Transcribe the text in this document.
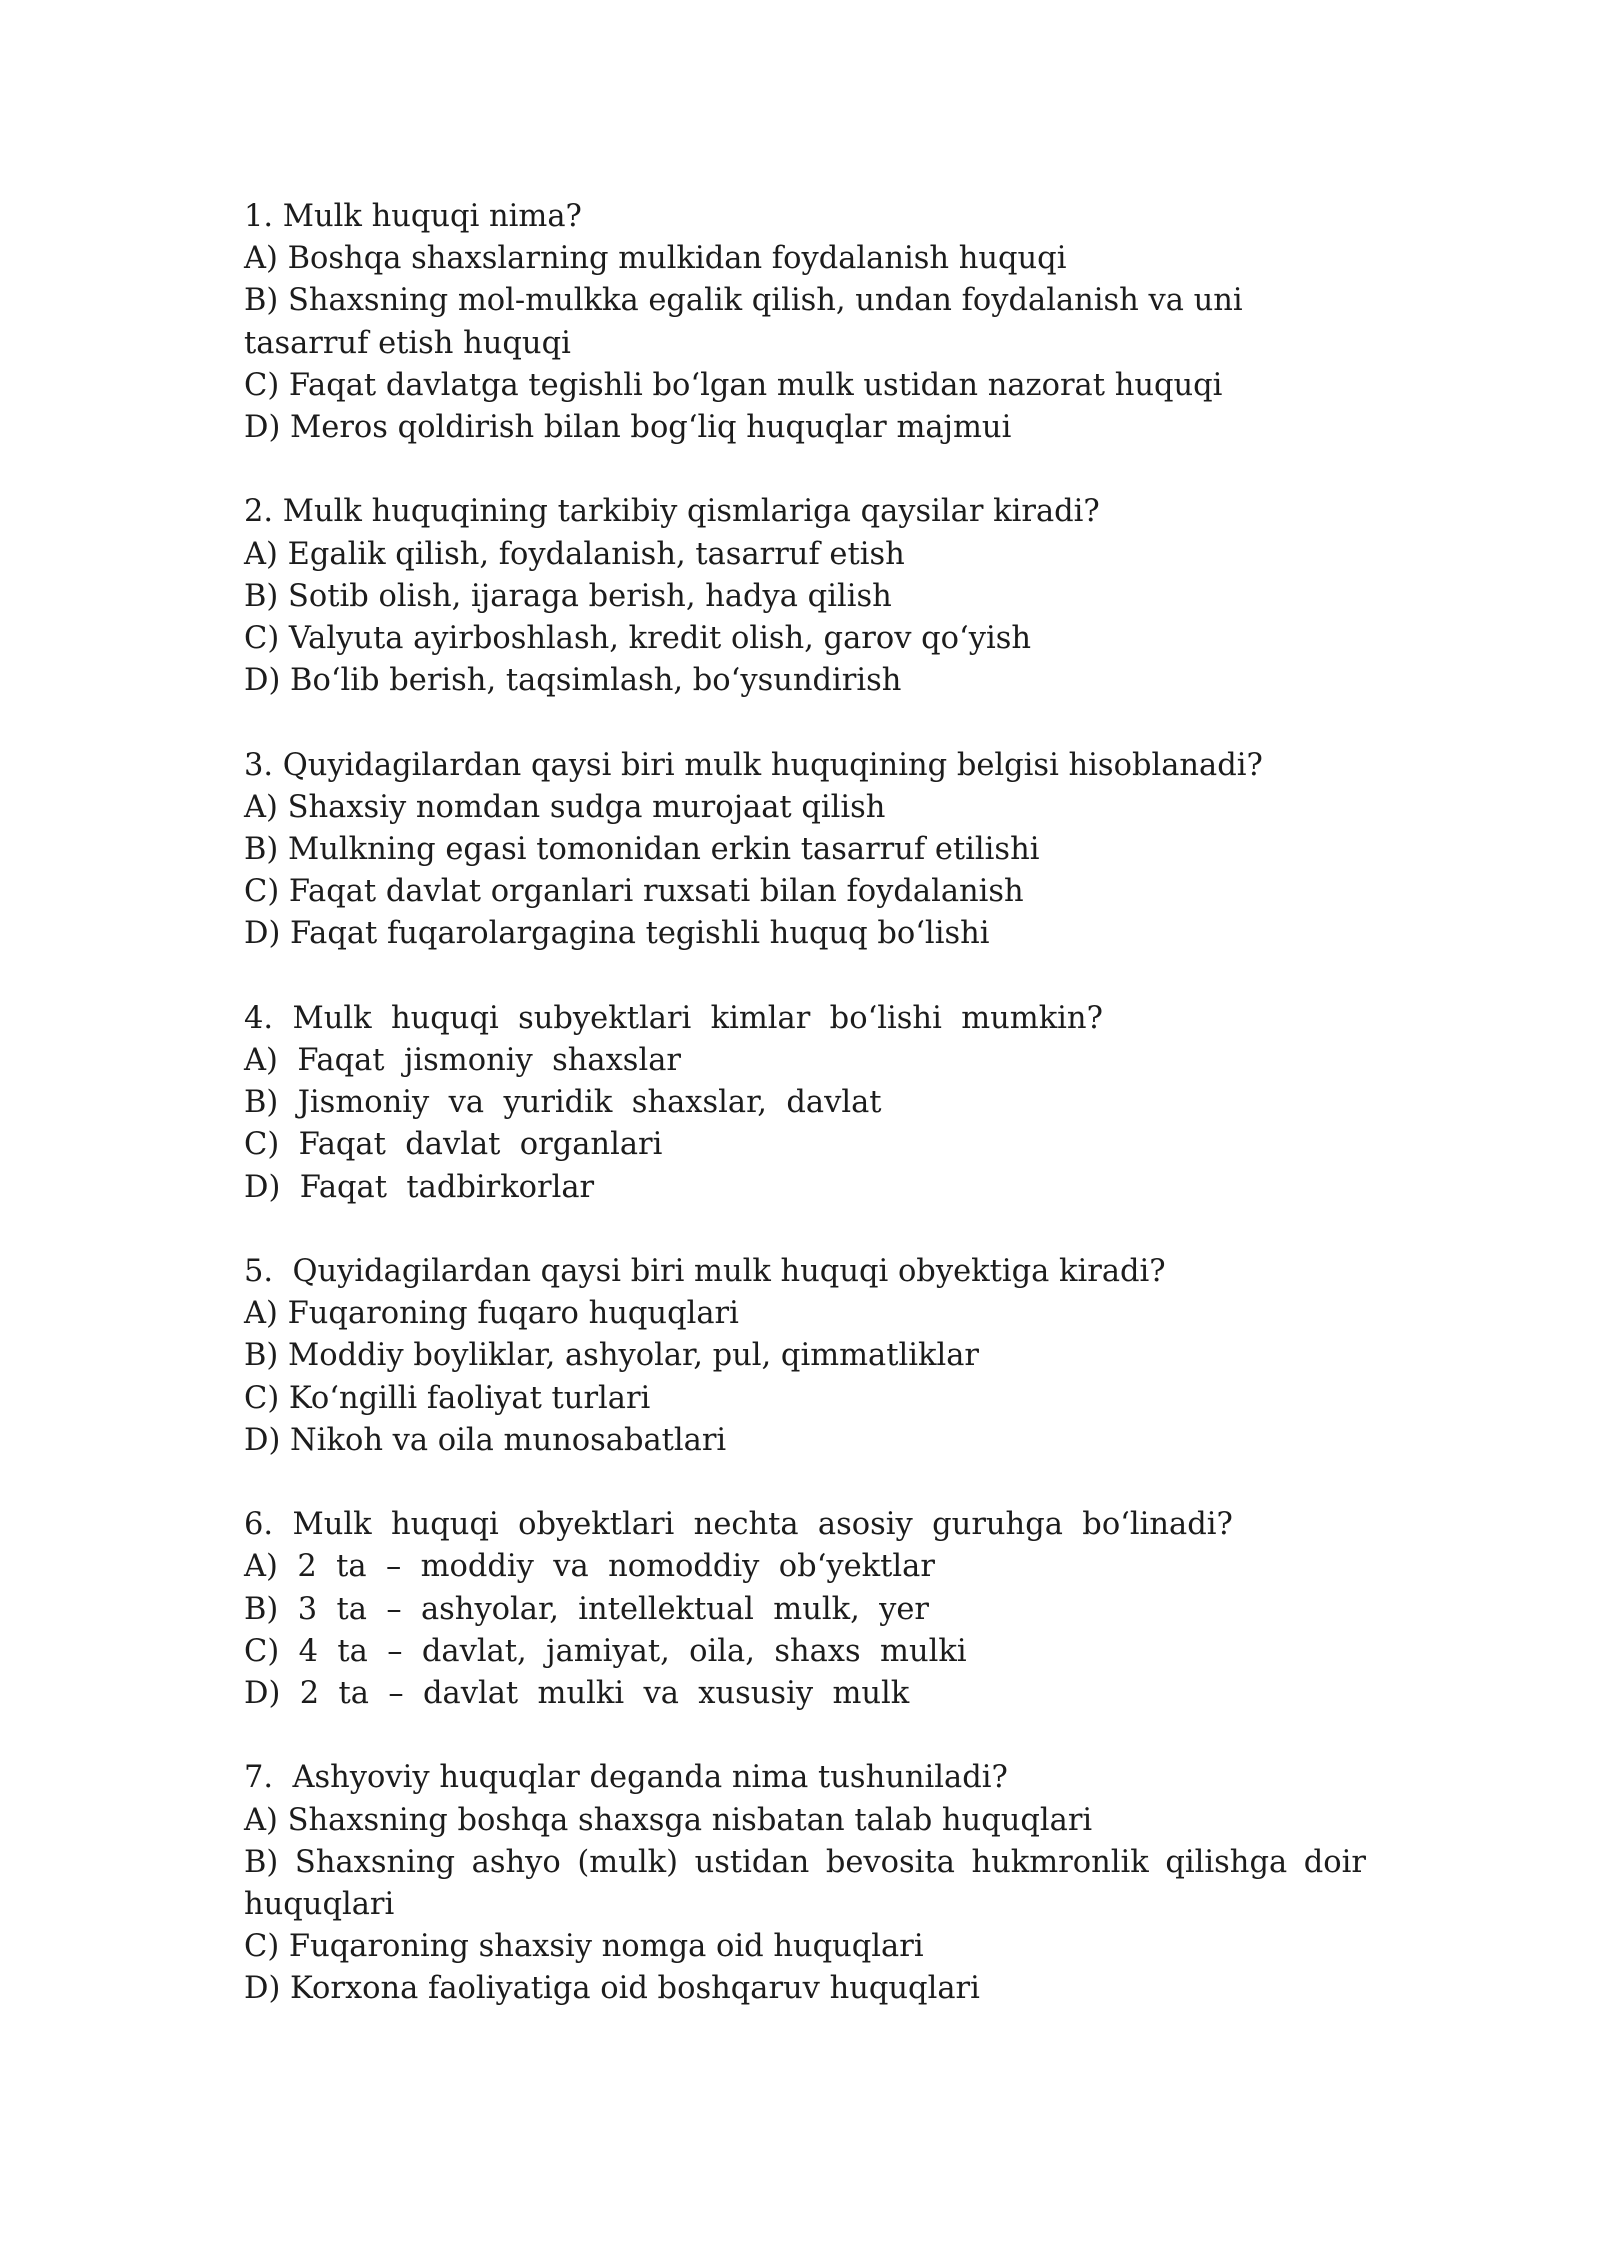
1. Mulk huquqi nima?
A) Boshqa shaxslarning mulkidan foydalanish huquqi
B) Shaxsning mol-mulkka egalik qilish, undan foydalanish va uni tasarruf etish huquqi
C) Faqat davlatga tegishli boʻlgan mulk ustidan nazorat huquqi
D) Meros qoldirish bilan bogʻliq huquqlar majmui
2. Mulk huquqining tarkibiy qismlariga qaysilar kiradi?
A) Egalik qilish, foydalanish, tasarruf etish
B) Sotib olish, ijaraga berish, hadya qilish
C) Valyuta ayirboshlash, kredit olish, garov qoʻyish
D) Boʻlib berish, taqsimlash, boʻysundirish
3. Quyidagilardan qaysi biri mulk huquqining belgisi hisoblanadi?
A) Shaxsiy nomdan sudga murojaat qilish
B) Mulkning egasi tomonidan erkin tasarruf etilishi
C) Faqat davlat organlari ruxsati bilan foydalanish
D) Faqat fuqarolargagina tegishli huquq boʻlishi
4.  Mulk  huquqi  subyektlari  kimlar  boʻlishi  mumkin?
A)  Faqat  jismoniy  shaxslar
B)  Jismoniy  va  yuridik  shaxslar,  davlat
C)  Faqat  davlat  organlari
D)  Faqat  tadbirkorlar
5.  Quyidagilardan qaysi biri mulk huquqi obyektiga kiradi?
A) Fuqaroning fuqaro huquqlari
B) Moddiy boyliklar, ashyolar, pul, qimmatliklar
C) Koʻngilli faoliyat turlari
D) Nikoh va oila munosabatlari
6.  Mulk  huquqi  obyektlari  nechta  asosiy  guruhga  boʻlinadi?
A)  2  ta  –  moddiy  va  nomoddiy  obʻyektlar
B)  3  ta  –  ashyolar,  intellektual  mulk,  yer
C)  4  ta  –  davlat,  jamiyat,  oila,  shaxs  mulki
D)  2  ta  –  davlat  mulki  va  xususiy  mulk
7.  Ashyoviy huquqlar deganda nima tushuniladi?
A) Shaxsning boshqa shaxsga nisbatan talab huquqlari
B) Shaxsning ashyo (mulk) ustidan bevosita hukmronlik qilishga doir huquqlari
C) Fuqaroning shaxsiy nomga oid huquqlari
D) Korxona faoliyatiga oid boshqaruv huquqlari
